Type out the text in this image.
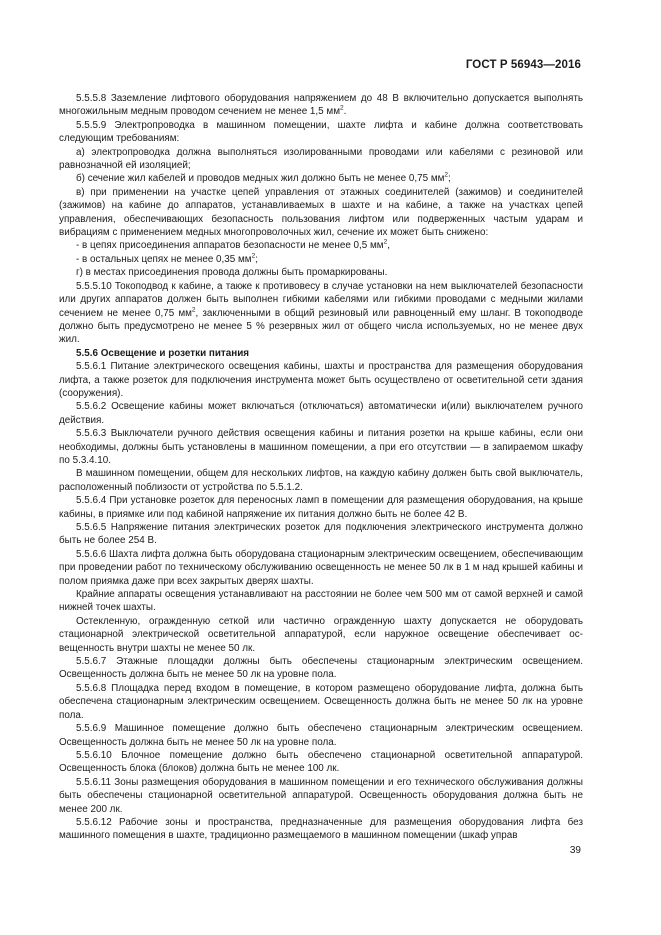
ГОСТ Р 56943—2016

5.5.5.8 Заземление лифтового оборудования напряжением до 48 В включительно допускается выполнять многожильным медным проводом сечением не менее 1,5 $мм^2$.

5.5.5.9 Электропроводка в машинном помещении, шахте лифта и кабине должна соответствовать следующим требованиям:

а) электропроводка должна выполняться изолированными проводами или кабелями с резиновой или равнозначной ей изоляцией;

б) сечение жил кабелей и проводов медных жил должно быть не менее 0,75 $мм^2$;

в) при применении на участке цепей управления от этажных соединителей (зажимов) и соединителей (зажимов) на кабине до аппаратов, устанавливаемых в шахте и на кабине, а также на участках цепей управления, обеспечивающих безопасность пользования лифтом или подверженных частым ударам и вибрациям с применением медных многопроволочных жил, сечение их может быть снижено:

- в цепях присоединения аппаратов безопасности не менее 0,5 $мм^2$,

- в остальных цепях не менее 0,35 $мм^2$;

г) в местах присоединения провода должны быть промаркированы.

5.5.5.10 Токоподвод к кабине, а также к противовесу в случае установки на нем выключателей безопасности или других аппаратов должен быть выполнен гибкими кабелями или гибкими проводами с медными жилами сечением не менее 0,75 $мм^2$, заключенными в общий резиновый или равноценный ему шланг. В токоподводе должно быть предусмотрено не менее 5 % резервных жил от общего числа используемых, но не менее двух жил.

5.5.6 Освещение и розетки питания

5.5.6.1 Питание электрического освещения кабины, шахты и пространства для размещения оборудования лифта, а также розеток для подключения инструмента может быть осуществлено от осветительной сети здания (сооружения).

5.5.6.2 Освещение кабины может включаться (отключаться) автоматически и(или) выключателем ручного действия.

5.5.6.3 Выключатели ручного действия освещения кабины и питания розетки на крыше кабины, если они необходимы, должны быть установлены в машинном помещении, а при его отсутствии — в запираемом шкафу по 5.3.4.10.

В машинном помещении, общем для нескольких лифтов, на каждую кабину должен быть свой выключатель, расположенный поблизости от устройства по 5.5.1.2.

5.5.6.4 При установке розеток для переносных ламп в помещении для размещения оборудования, на крыше кабины, в приямке или под кабиной напряжение их питания должно быть не более 42 В.

5.5.6.5 Напряжение питания электрических розеток для подключения электрического инструмента должно быть не более 254 В.

5.5.6.6 Шахта лифта должна быть оборудована стационарным электрическим освещением, обеспечивающим при проведении работ по техническому обслуживанию освещенность не менее 50 лк в 1 м над крышей кабины и полом приямка даже при всех закрытых дверях шахты.

Крайние аппараты освещения устанавливают на расстоянии не более чем 500 мм от самой верхней и самой нижней точек шахты.

Остекленную, огражденную сеткой или частично огражденную шахту допускается не оборудовать стационарной электрической осветительной аппаратурой, если наружное освещение обеспечивает освещенность внутри шахты не менее 50 лк.

5.5.6.7 Этажные площадки должны быть обеспечены стационарным электрическим освещением. Освещенность должна быть не менее 50 лк на уровне пола.

5.5.6.8 Площадка перед входом в помещение, в котором размещено оборудование лифта, должна быть обеспечена стационарным электрическим освещением. Освещенность должна быть не менее 50 лк на уровне пола.

5.5.6.9 Машинное помещение должно быть обеспечено стационарным электрическим освещением. Освещенность должна быть не менее 50 лк на уровне пола.

5.5.6.10 Блочное помещение должно быть обеспечено стационарной осветительной аппаратурой. Освещенность блока (блоков) должна быть не менее 100 лк.

5.5.6.11 Зоны размещения оборудования в машинном помещении и его технического обслуживания должны быть обеспечены стационарной осветительной аппаратурой. Освещенность оборудования должна быть не менее 200 лк.

5.5.6.12 Рабочие зоны и пространства, предназначенные для размещения оборудования лифта без машинного помещения в шахте, традиционно размещаемого в машинном помещении (шкаф управ

39
